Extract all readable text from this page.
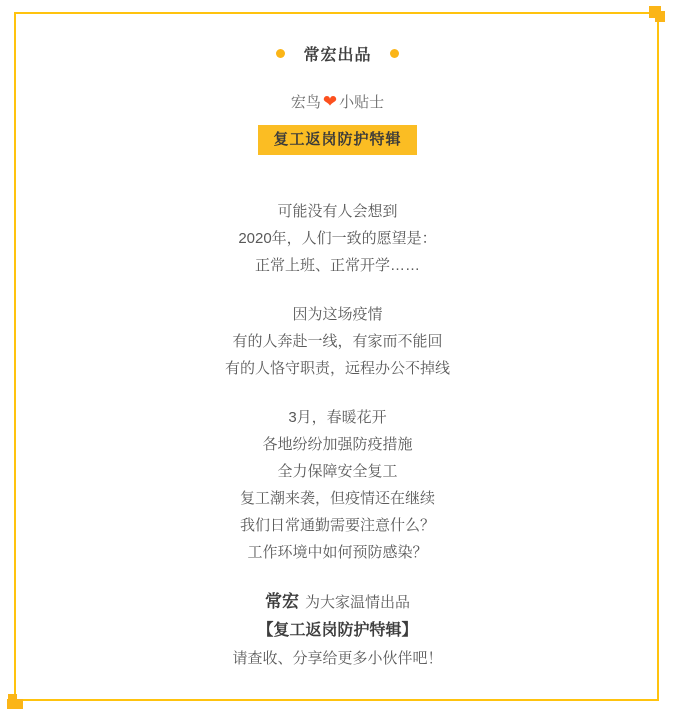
常宏出品
宏鸟 ❤ 小贴士
复工返岗防护特辑

可能没有人会想到
2020年，人们一致的愿望是：
正常上班、正常开学……

因为这场疫情
有的人奔赴一线，有家而不能回
有的人恪守职责，远程办公不掉线

3月，春暖花开
各地纷纷加强防疫措施
全力保障安全复工
复工潮来袭，但疫情还在继续
我们日常通勤需要注意什么？
工作环境中如何预防感染？

常宏 为大家温情出品
【复工返岗防护特辑】
请查收、分享给更多小伙伴吧！
